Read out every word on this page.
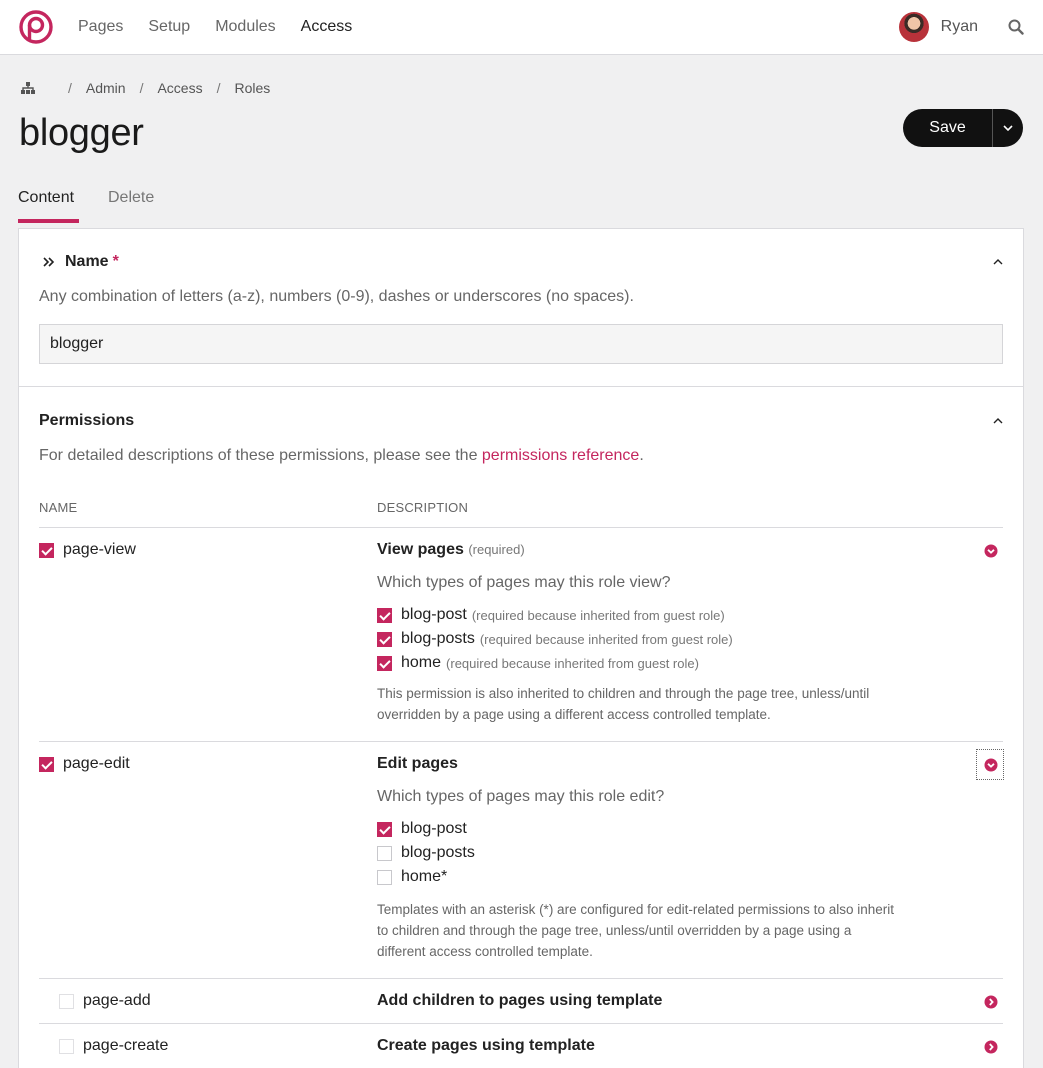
Pages Setup Modules Access	Ryan
/ Admin / Access / Roles
blogger	Save
Content	Delete
Name *
Any combination of letters (a-z), numbers (0-9), dashes or underscores (no spaces).
blogger
Permissions
For detailed descriptions of these permissions, please see the permissions reference.
NAME	DESCRIPTION
page-view	View pages (required)
Which types of pages may this role view?
blog-post (required because inherited from guest role)
blog-posts (required because inherited from guest role)
home (required because inherited from guest role)
This permission is also inherited to children and through the page tree, unless/until
overridden by a page using a different access controlled template.
page-edit	Edit pages
Which types of pages may this role edit?
blog-post
blog-posts
home*
Templates with an asterisk (*) are configured for edit-related permissions to also inherit
to children and through the page tree, unless/until overridden by a page using a
different access controlled template.
page-add	Add children to pages using template
page-create	Create pages using template
